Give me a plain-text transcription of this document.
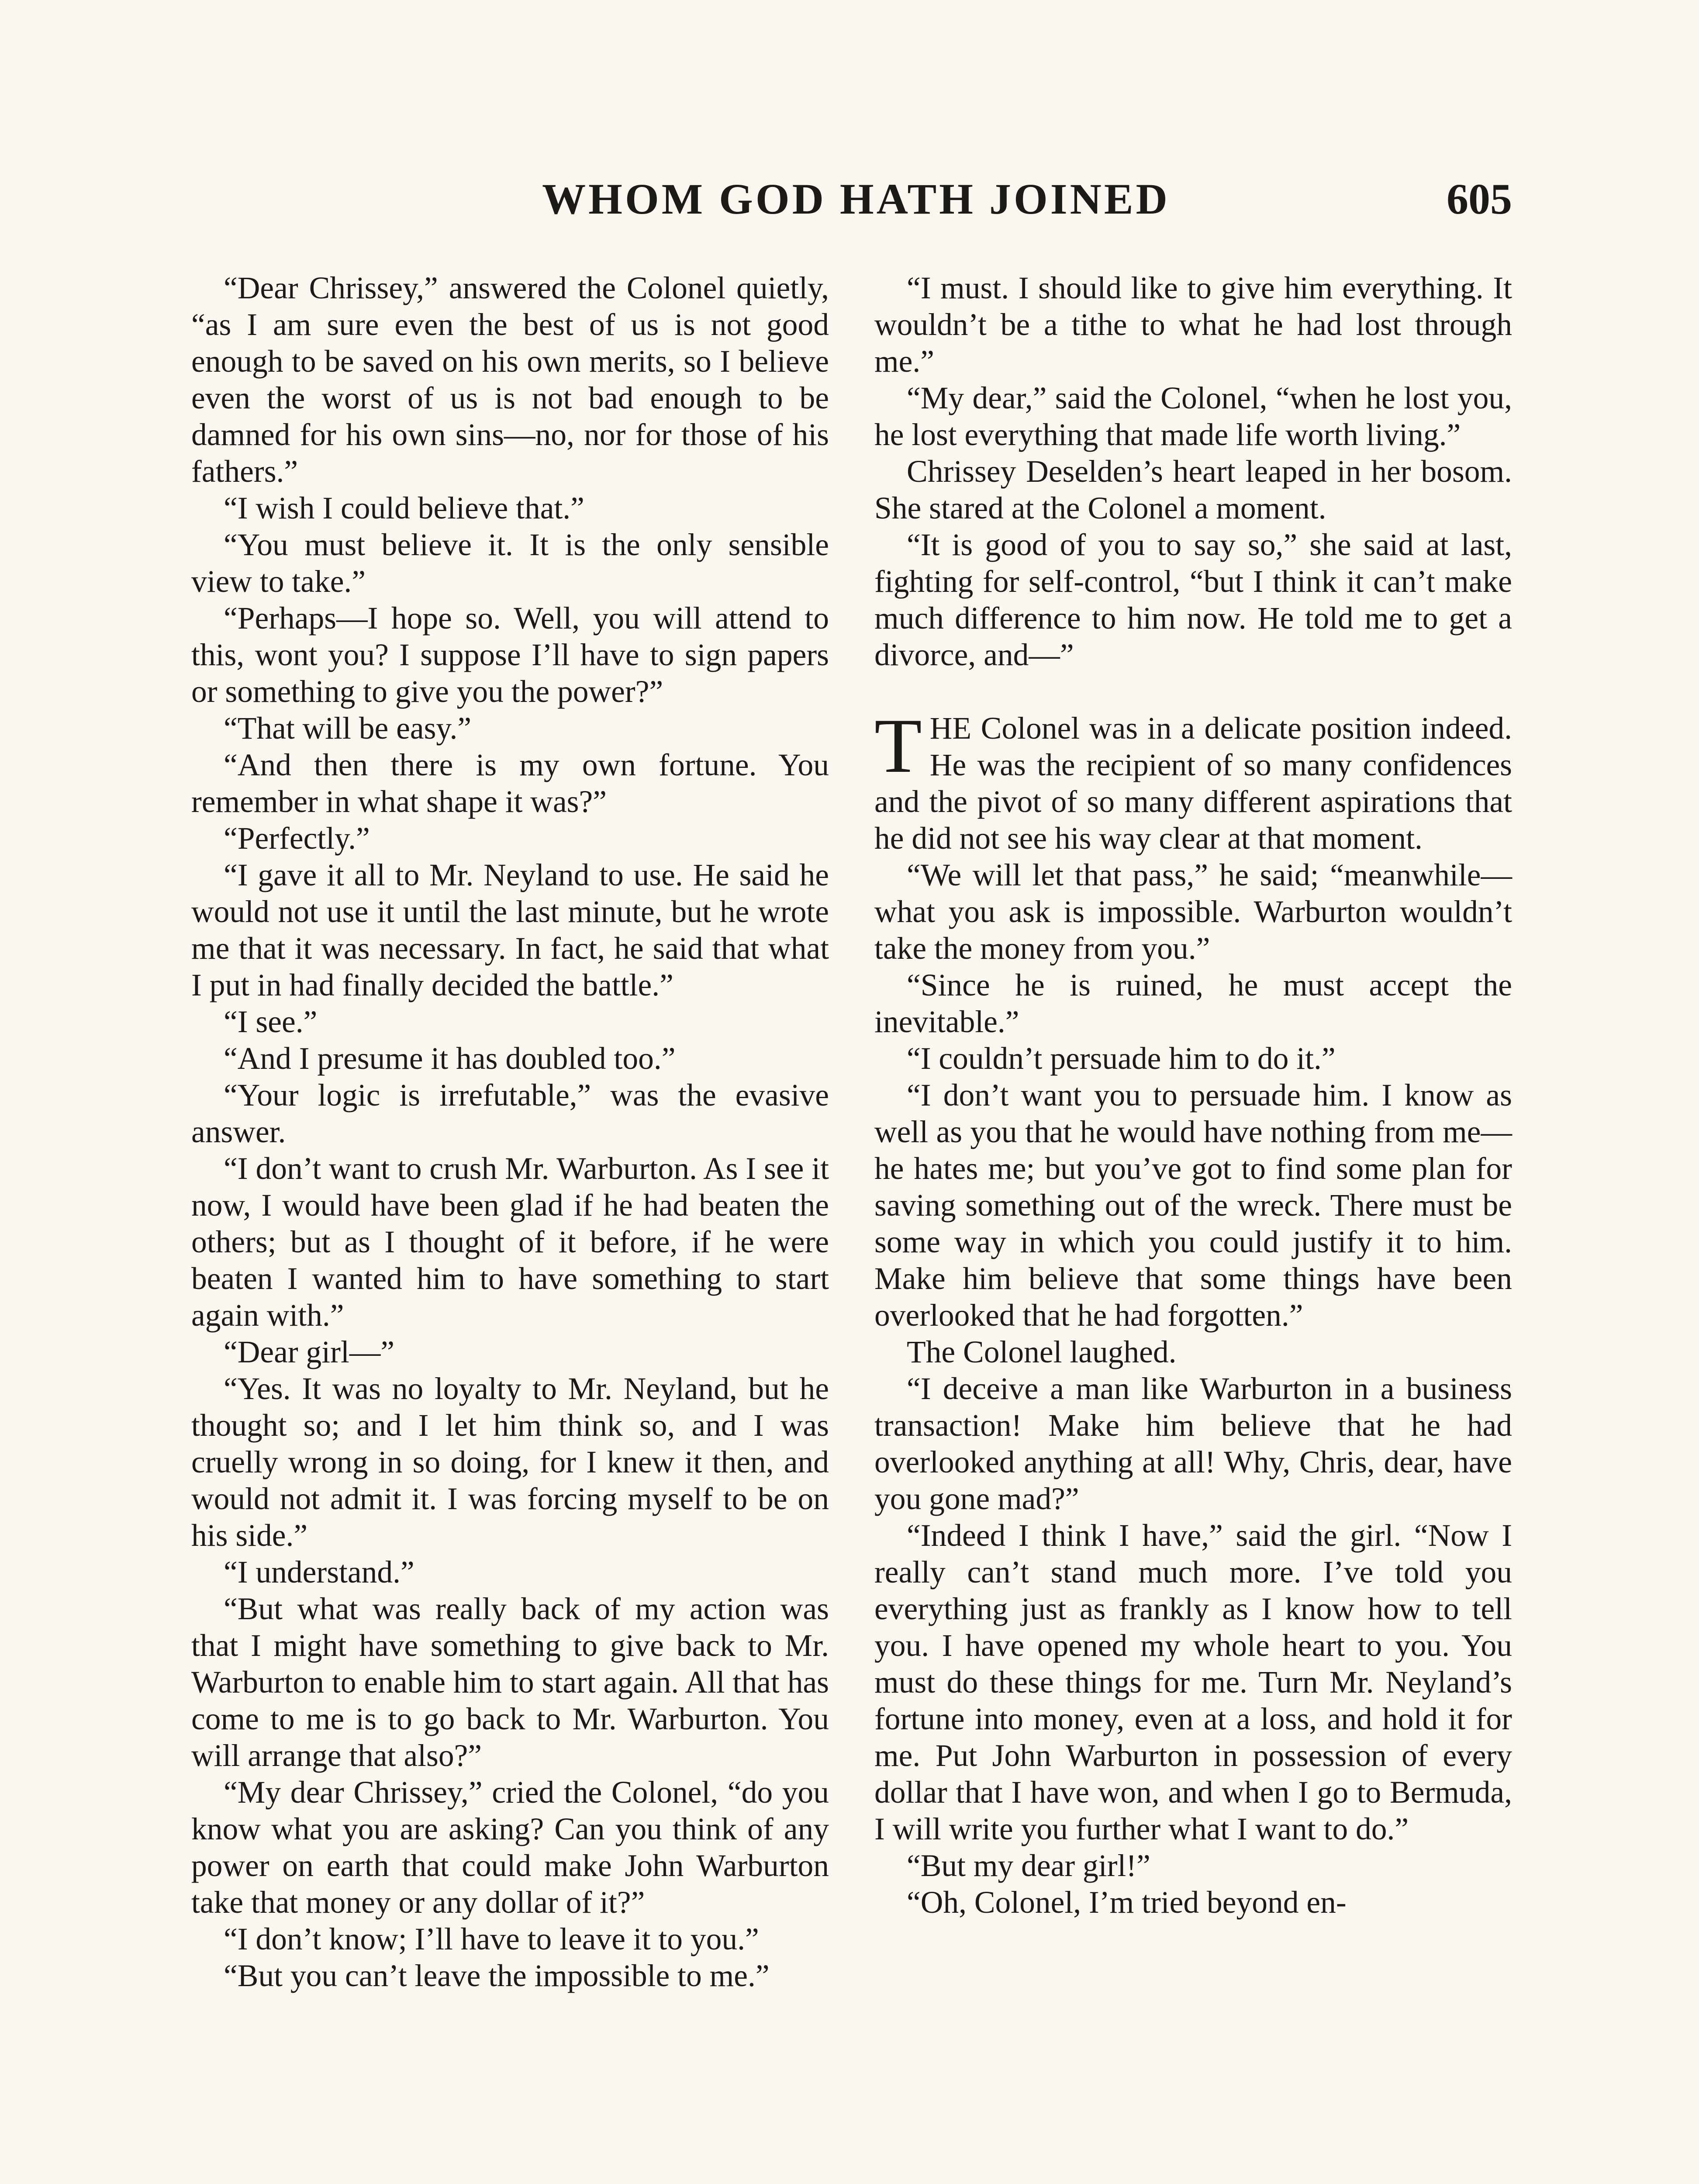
WHOM GOD HATH JOINED	605

“Dear Chrissey,” answered the Colonel quietly, “as I am sure even the best of us is not good enough to be saved on his own merits, so I believe even the worst of us is not bad enough to be damned for his own sins—no, nor for those of his fathers.”

“I wish I could believe that.”

“You must believe it. It is the only sensible view to take.”

“Perhaps—I hope so. Well, you will attend to this, wont you? I suppose I’ll have to sign papers or something to give you the power?”

“That will be easy.”

“And then there is my own fortune. You remember in what shape it was?”

“Perfectly.”

“I gave it all to Mr. Neyland to use. He said he would not use it until the last minute, but he wrote me that it was necessary. In fact, he said that what I put in had finally decided the battle.”

“I see.”

“And I presume it has doubled too.”

“Your logic is irrefutable,” was the evasive answer.

“I don’t want to crush Mr. Warburton. As I see it now, I would have been glad if he had beaten the others; but as I thought of it before, if he were beaten I wanted him to have something to start again with.”

“Dear girl—”

“Yes. It was no loyalty to Mr. Neyland, but he thought so; and I let him think so, and I was cruelly wrong in so doing, for I knew it then, and would not admit it. I was forcing myself to be on his side.”

“I understand.”

“But what was really back of my action was that I might have something to give back to Mr. Warburton to enable him to start again. All that has come to me is to go back to Mr. Warburton. You will arrange that also?”

“My dear Chrissey,” cried the Colonel, “do you know what you are asking? Can you think of any power on earth that could make John Warburton take that money or any dollar of it?”

“I don’t know; I’ll have to leave it to you.”

“But you can’t leave the impossible to me.”

“I must. I should like to give him everything. It wouldn’t be a tithe to what he had lost through me.”

“My dear,” said the Colonel, “when he lost you, he lost everything that made life worth living.”

Chrissey Deselden’s heart leaped in her bosom. She stared at the Colonel a moment.

“It is good of you to say so,” she said at last, fighting for self-control, “but I think it can’t make much difference to him now. He told me to get a divorce, and—”

THE Colonel was in a delicate position indeed. He was the recipient of so many confidences and the pivot of so many different aspirations that he did not see his way clear at that moment.

“We will let that pass,” he said; “meanwhile—what you ask is impossible. Warburton wouldn’t take the money from you.”

“Since he is ruined, he must accept the inevitable.”

“I couldn’t persuade him to do it.”

“I don’t want you to persuade him. I know as well as you that he would have nothing from me—he hates me; but you’ve got to find some plan for saving something out of the wreck. There must be some way in which you could justify it to him. Make him believe that some things have been overlooked that he had forgotten.”

The Colonel laughed.

“I deceive a man like Warburton in a business transaction! Make him believe that he had overlooked anything at all! Why, Chris, dear, have you gone mad?”

“Indeed I think I have,” said the girl. “Now I really can’t stand much more. I’ve told you everything just as frankly as I know how to tell you. I have opened my whole heart to you. You must do these things for me. Turn Mr. Neyland’s fortune into money, even at a loss, and hold it for me. Put John Warburton in possession of every dollar that I have won, and when I go to Bermuda, I will write you further what I want to do.”

“But my dear girl!”

“Oh, Colonel, I’m tried beyond en-
